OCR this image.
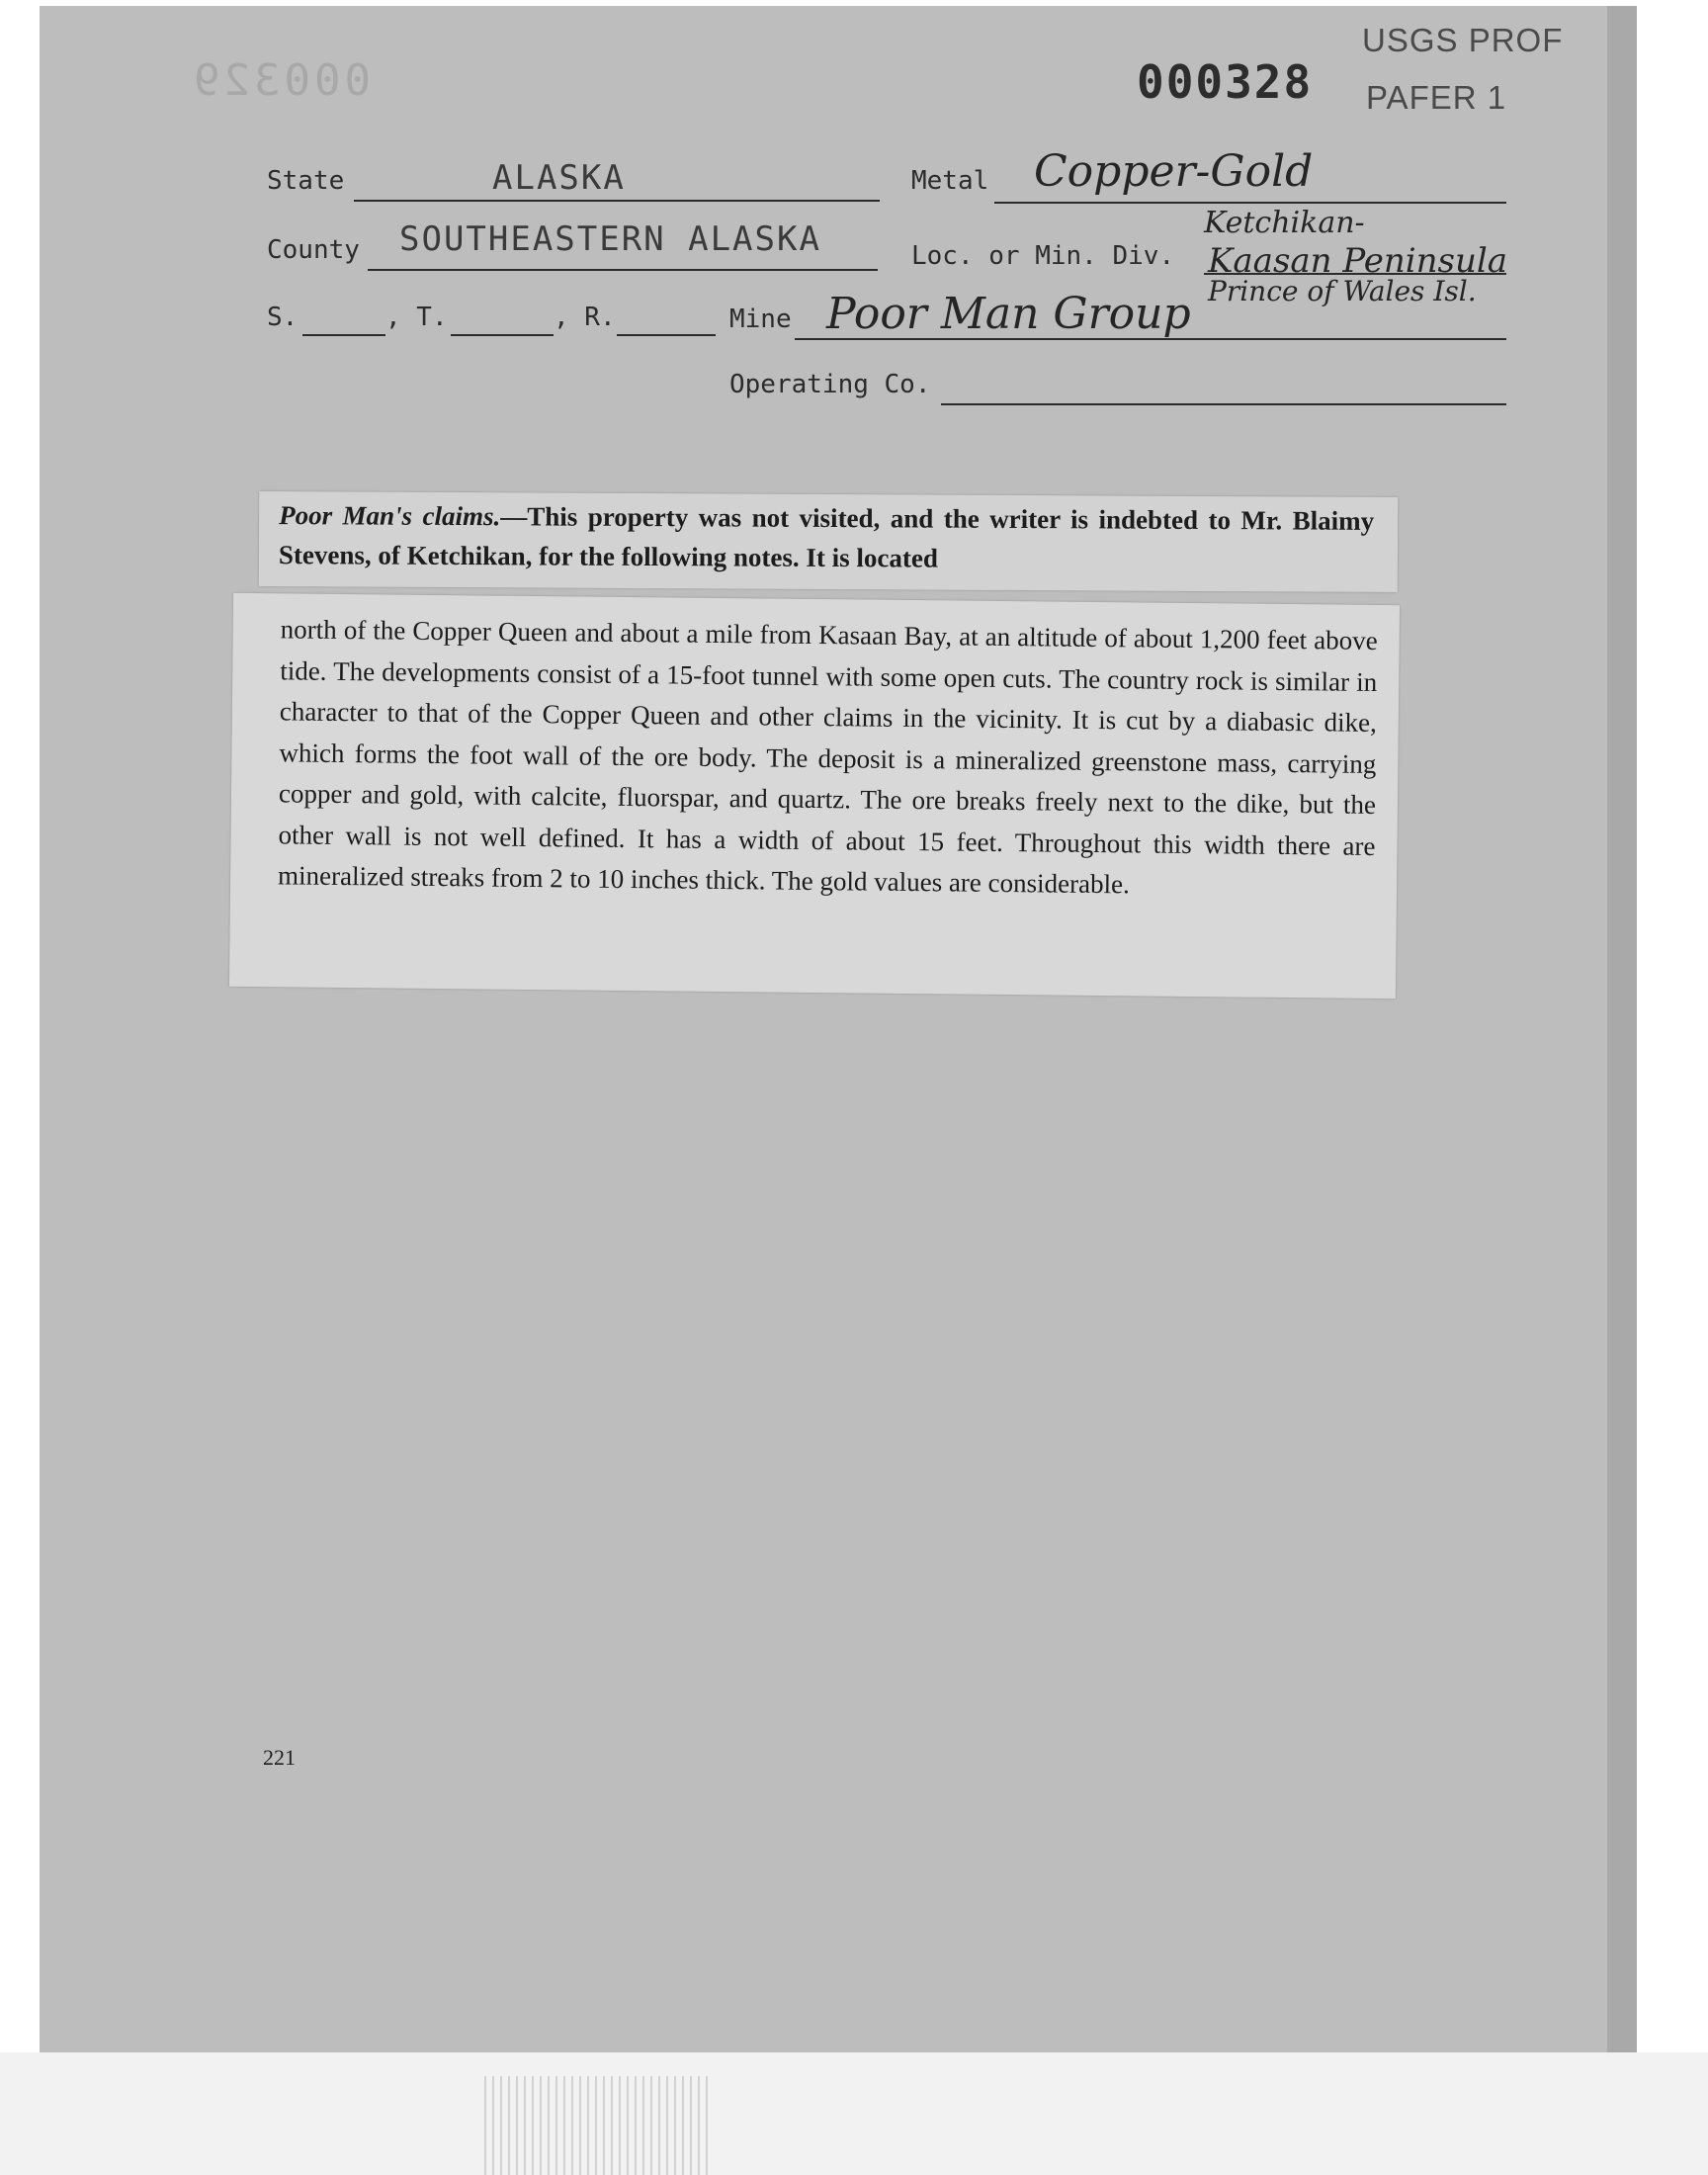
000329	000328
USGS PROF
PAFER 1
State	ALASKA	Metal Copper-Gold
County SOUTHEASTERN ALASKA	Loc. or Min. Div.
Ketchikan-
Kaasan Peninsula
Prince of Wales Isl.
S.	, T.	, R.	Mine Poor Man Group
Operating Co.

Poor Man's claims.—This property was not visited, and the writer is indebted to Mr. Blaimy Stevens, of Ketchikan, for the following notes. It is located

north of the Copper Queen and about a mile from Kasaan Bay, at an altitude of about 1,200 feet above tide. The developments consist of a 15-foot tunnel with some open cuts. The country rock is similar in character to that of the Copper Queen and other claims in the vicinity. It is cut by a diabasic dike, which forms the foot wall of the ore body. The deposit is a mineralized greenstone mass, carrying copper and gold, with calcite, fluorspar, and quartz. The ore breaks freely next to the dike, but the other wall is not well defined. It has a width of about 15 feet. Throughout this width there are mineralized streaks from 2 to 10 inches thick. The gold values are considerable.

221
